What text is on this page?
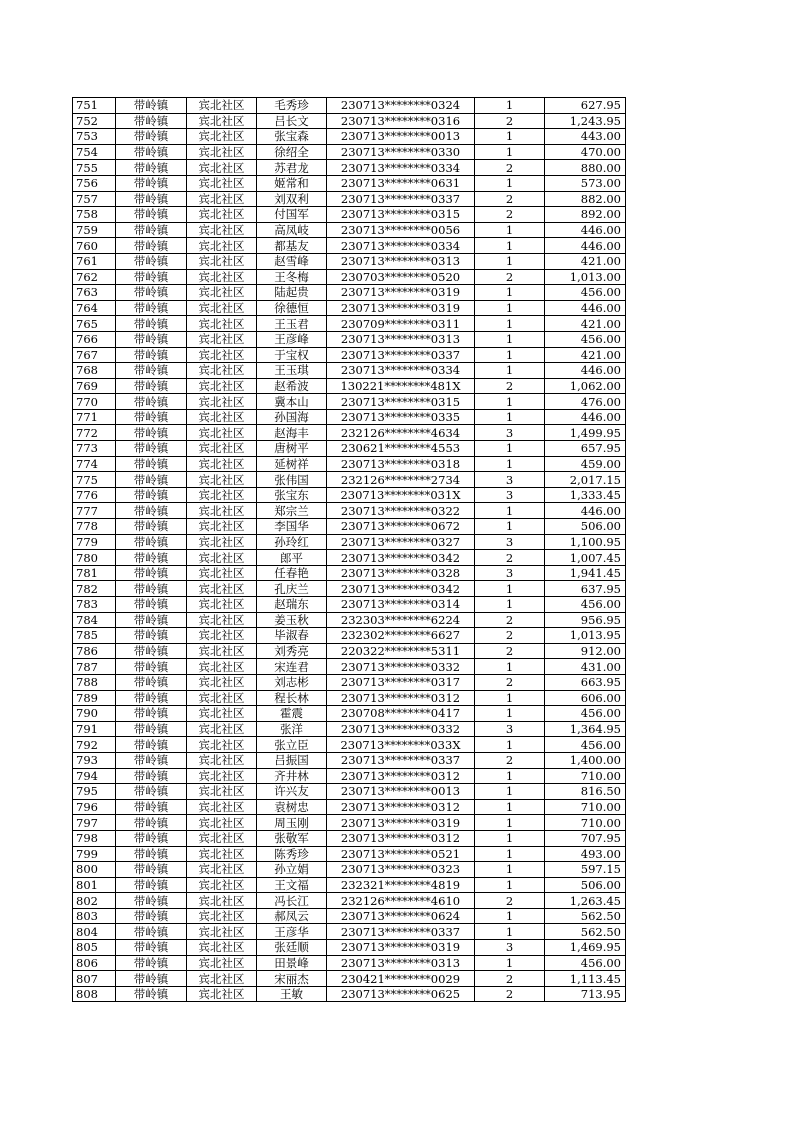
751	带岭镇	宾北社区	毛秀珍	230713********0324	1	627.95
752	带岭镇	宾北社区	吕长文	230713********0316	2	1,243.95
753	带岭镇	宾北社区	张宝森	230713********0013	1	443.00
754	带岭镇	宾北社区	徐绍全	230713********0330	1	470.00
755	带岭镇	宾北社区	苏君龙	230713********0334	2	880.00
756	带岭镇	宾北社区	姬常和	230713********0631	1	573.00
757	带岭镇	宾北社区	刘双利	230713********0337	2	882.00
758	带岭镇	宾北社区	付国军	230713********0315	2	892.00
759	带岭镇	宾北社区	高凤岐	230713********0056	1	446.00
760	带岭镇	宾北社区	都基友	230713********0334	1	446.00
761	带岭镇	宾北社区	赵雪峰	230713********0313	1	421.00
762	带岭镇	宾北社区	王冬梅	230703********0520	2	1,013.00
763	带岭镇	宾北社区	陆起贵	230713********0319	1	456.00
764	带岭镇	宾北社区	徐德恒	230713********0319	1	446.00
765	带岭镇	宾北社区	王玉君	230709********0311	1	421.00
766	带岭镇	宾北社区	王彦峰	230713********0313	1	456.00
767	带岭镇	宾北社区	于宝权	230713********0337	1	421.00
768	带岭镇	宾北社区	王玉琪	230713********0334	1	446.00
769	带岭镇	宾北社区	赵希波	130221********481X	2	1,062.00
770	带岭镇	宾北社区	冀本山	230713********0315	1	476.00
771	带岭镇	宾北社区	孙国海	230713********0335	1	446.00
772	带岭镇	宾北社区	赵海丰	232126********4634	3	1,499.95
773	带岭镇	宾北社区	唐树平	230621********4553	1	657.95
774	带岭镇	宾北社区	延树祥	230713********0318	1	459.00
775	带岭镇	宾北社区	张伟国	232126********2734	3	2,017.15
776	带岭镇	宾北社区	张宝东	230713********031X	3	1,333.45
777	带岭镇	宾北社区	郑宗兰	230713********0322	1	446.00
778	带岭镇	宾北社区	李国华	230713********0672	1	506.00
779	带岭镇	宾北社区	孙玲红	230713********0327	3	1,100.95
780	带岭镇	宾北社区	郎平	230713********0342	2	1,007.45
781	带岭镇	宾北社区	任春艳	230713********0328	3	1,941.45
782	带岭镇	宾北社区	孔庆兰	230713********0342	1	637.95
783	带岭镇	宾北社区	赵瑞东	230713********0314	1	456.00
784	带岭镇	宾北社区	姜玉秋	232303********6224	2	956.95
785	带岭镇	宾北社区	毕淑春	232302********6627	2	1,013.95
786	带岭镇	宾北社区	刘秀亮	220322********5311	2	912.00
787	带岭镇	宾北社区	宋连君	230713********0332	1	431.00
788	带岭镇	宾北社区	刘志彬	230713********0317	2	663.95
789	带岭镇	宾北社区	程长林	230713********0312	1	606.00
790	带岭镇	宾北社区	霍震	230708********0417	1	456.00
791	带岭镇	宾北社区	张洋	230713********0332	3	1,364.95
792	带岭镇	宾北社区	张立臣	230713********033X	1	456.00
793	带岭镇	宾北社区	吕振国	230713********0337	2	1,400.00
794	带岭镇	宾北社区	齐井林	230713********0312	1	710.00
795	带岭镇	宾北社区	许兴友	230713********0013	1	816.50
796	带岭镇	宾北社区	袁树忠	230713********0312	1	710.00
797	带岭镇	宾北社区	周玉刚	230713********0319	1	710.00
798	带岭镇	宾北社区	张敬军	230713********0312	1	707.95
799	带岭镇	宾北社区	陈秀珍	230713********0521	1	493.00
800	带岭镇	宾北社区	孙立娟	230713********0323	1	597.15
801	带岭镇	宾北社区	王文福	232321********4819	1	506.00
802	带岭镇	宾北社区	冯长江	232126********4610	2	1,263.45
803	带岭镇	宾北社区	郝凤云	230713********0624	1	562.50
804	带岭镇	宾北社区	王彦华	230713********0337	1	562.50
805	带岭镇	宾北社区	张廷顺	230713********0319	3	1,469.95
806	带岭镇	宾北社区	田景峰	230713********0313	1	456.00
807	带岭镇	宾北社区	宋丽杰	230421********0029	2	1,113.45
808	带岭镇	宾北社区	王敏	230713********0625	2	713.95
